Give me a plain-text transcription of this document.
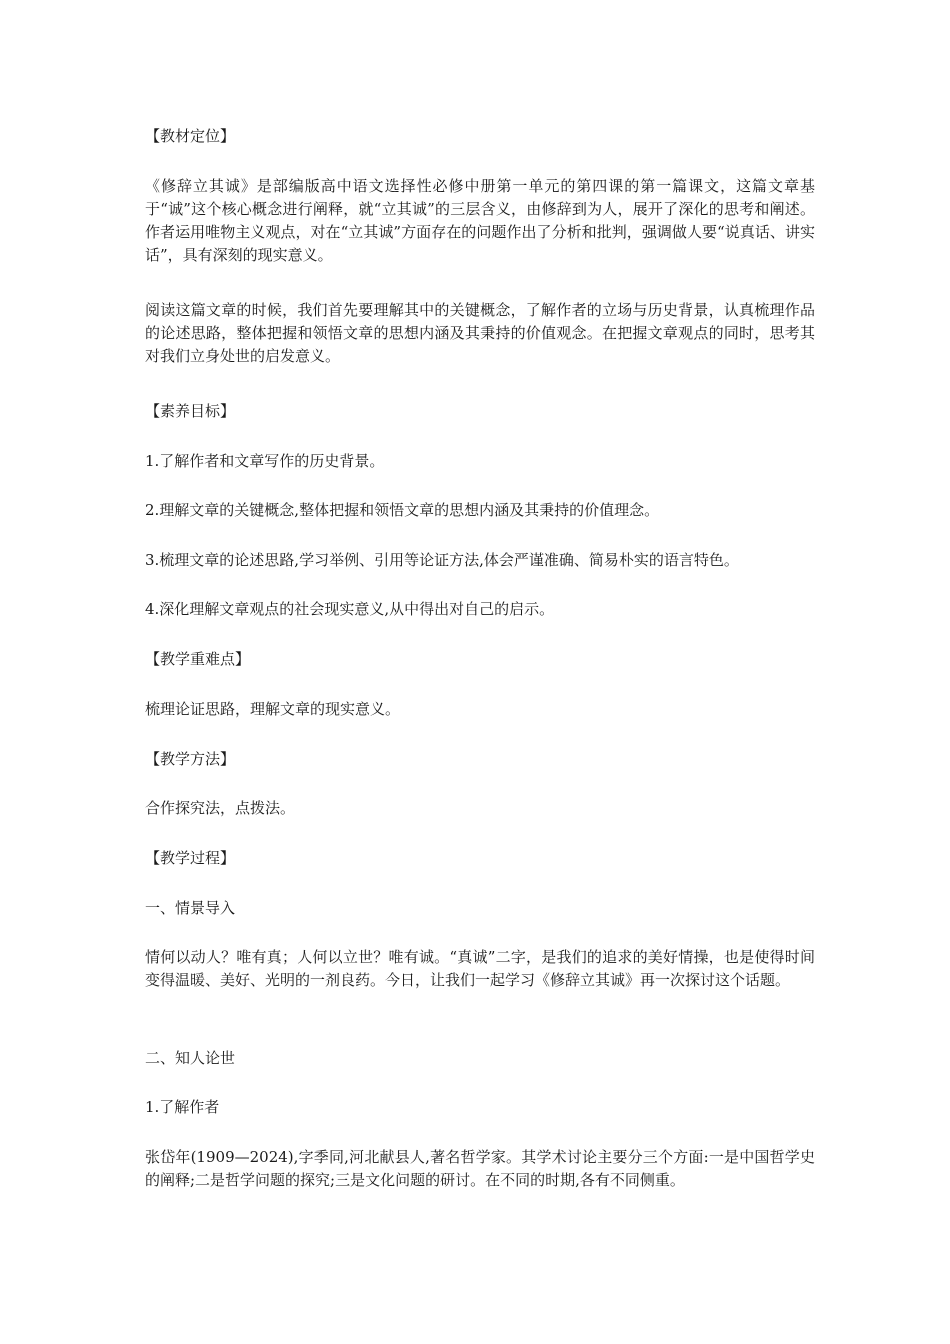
【教材定位】

《修辞立其诚》是部编版高中语文选择性必修中册第一单元的第四课的第一篇课文，这篇文章基于“诚”这个核心概念进行阐释，就“立其诚”的三层含义，由修辞到为人，展开了深化的思考和阐述。作者运用唯物主义观点，对在“立其诚”方面存在的问题作出了分析和批判，强调做人要“说真话、讲实话”，具有深刻的现实意义。

阅读这篇文章的时候，我们首先要理解其中的关键概念，了解作者的立场与历史背景，认真梳理作品的论述思路，整体把握和领悟文章的思想内涵及其秉持的价值观念。在把握文章观点的同时，思考其对我们立身处世的启发意义。

【素养目标】

1.了解作者和文章写作的历史背景。

2.理解文章的关键概念,整体把握和领悟文章的思想内涵及其秉持的价值理念。

3.梳理文章的论述思路,学习举例、引用等论证方法,体会严谨准确、简易朴实的语言特色。

4.深化理解文章观点的社会现实意义,从中得出对自己的启示。

【教学重难点】

梳理论证思路，理解文章的现实意义。

【教学方法】

合作探究法，点拨法。

【教学过程】

一、情景导入

情何以动人？唯有真；人何以立世？唯有诚。“真诚”二字，是我们的追求的美好情操，也是使得时间变得温暖、美好、光明的一剂良药。今日，让我们一起学习《修辞立其诚》再一次探讨这个话题。

二、知人论世

1.了解作者

张岱年(1909—2024),字季同,河北献县人,著名哲学家。其学术讨论主要分三个方面:一是中国哲学史的阐释;二是哲学问题的探究;三是文化问题的研讨。在不同的时期,各有不同侧重。
